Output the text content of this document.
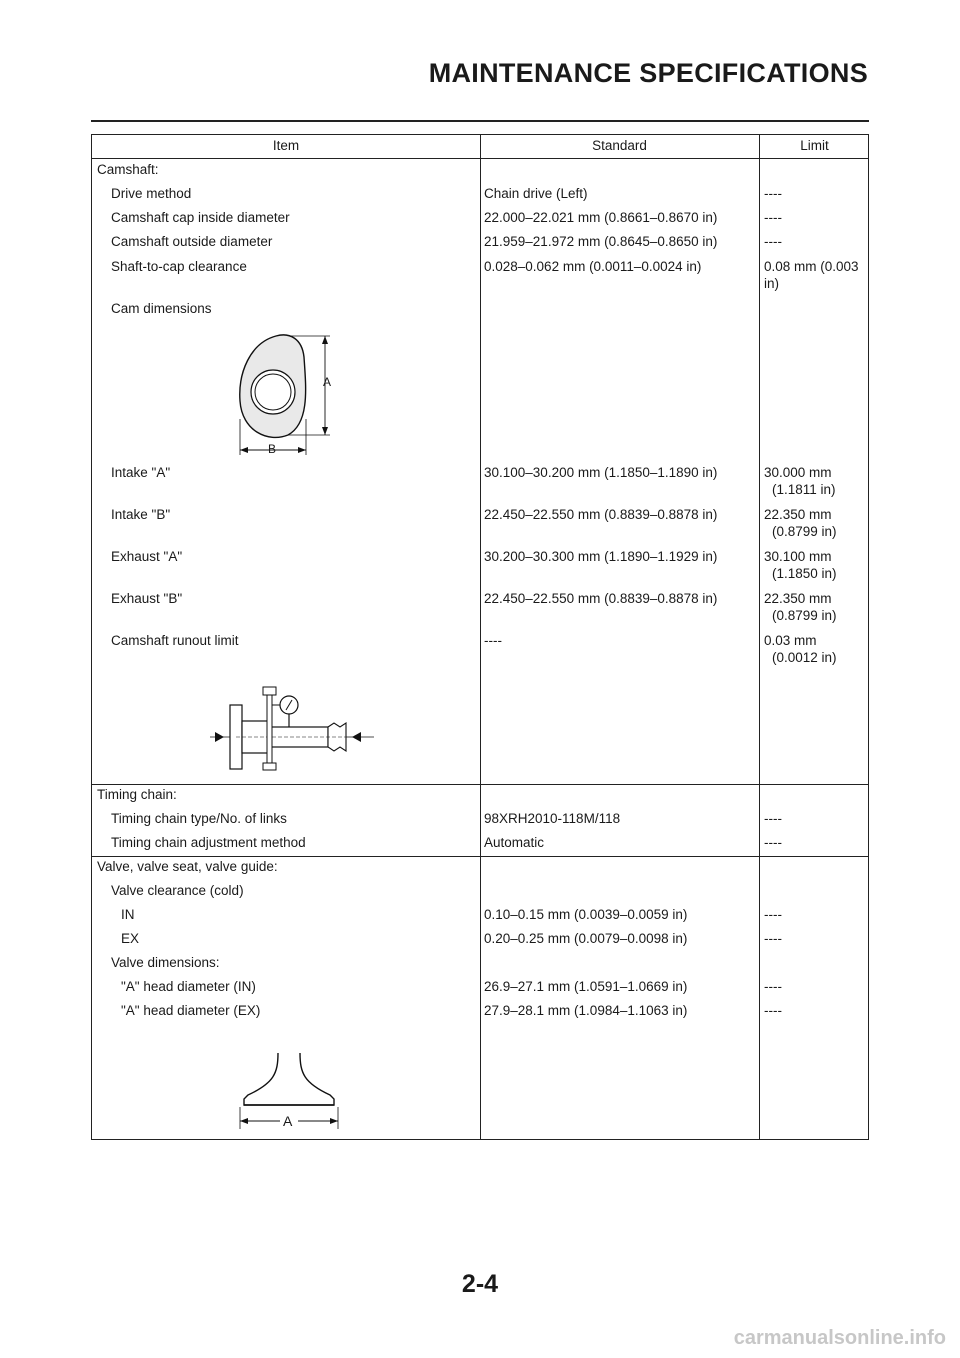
MAINTENANCE SPECIFICATIONS
Item	Standard	Limit
Camshaft:
Drive method	Chain drive (Left)	----
Camshaft cap inside diameter	22.000–22.021 mm (0.8661–0.8670 in)	----
Camshaft outside diameter	21.959–21.972 mm (0.8645–0.8650 in)	----
Shaft-to-cap clearance	0.028–0.062 mm (0.0011–0.0024 in)	0.08 mm (0.003 in)
Cam dimensions
A
B
Intake "A"	30.100–30.200 mm (1.1850–1.1890 in)	30.000 mm
(1.1811 in)
Intake "B"	22.450–22.550 mm (0.8839–0.8878 in)	22.350 mm
(0.8799 in)
Exhaust "A"	30.200–30.300 mm (1.1890–1.1929 in)	30.100 mm
(1.1850 in)
Exhaust "B"	22.450–22.550 mm (0.8839–0.8878 in)	22.350 mm
(0.8799 in)
Camshaft runout limit	----	0.03 mm
(0.0012 in)
Timing chain:
Timing chain type/No. of links	98XRH2010-118M/118	----
Timing chain adjustment method	Automatic	----
Valve, valve seat, valve guide:
Valve clearance (cold)
IN	0.10–0.15 mm (0.0039–0.0059 in)	----
EX	0.20–0.25 mm (0.0079–0.0098 in)	----
Valve dimensions:
"A" head diameter (IN)	26.9–27.1 mm (1.0591–1.0669 in)	----
"A" head diameter (EX)	27.9–28.1 mm (1.0984–1.1063 in)	----
A
2-4
carmanualsonline.info
